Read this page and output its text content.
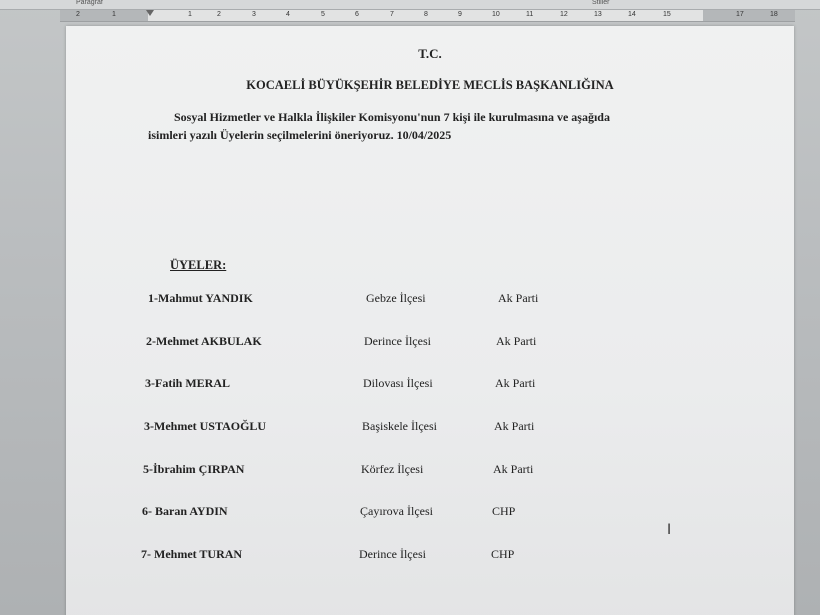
Paragraf	Stiller
2	1	1	2	3	4	5	6	7	8	9	10	11	12	13	14	15	17	18
T.C.
KOCAELİ BÜYÜKŞEHİR BELEDİYE MECLİS BAŞKANLIĞINA
Sosyal Hizmetler ve Halkla İlişkiler Komisyonu'nun 7 kişi ile kurulmasına ve aşağıda
isimleri yazılı Üyelerin seçilmelerini öneriyoruz. 10/04/2025
ÜYELER:
1-Mahmut YANDIK	Gebze İlçesi	Ak Parti
2-Mehmet AKBULAK	Derince İlçesi	Ak Parti
3-Fatih MERAL	Dilovası İlçesi	Ak Parti
3-Mehmet USTAOĞLU	Başiskele İlçesi	Ak Parti
5-İbrahim ÇIRPAN	Körfez İlçesi	Ak Parti
6- Baran AYDIN	Çayırova İlçesi	CHP
7- Mehmet TURAN	Derince İlçesi	CHP
I
